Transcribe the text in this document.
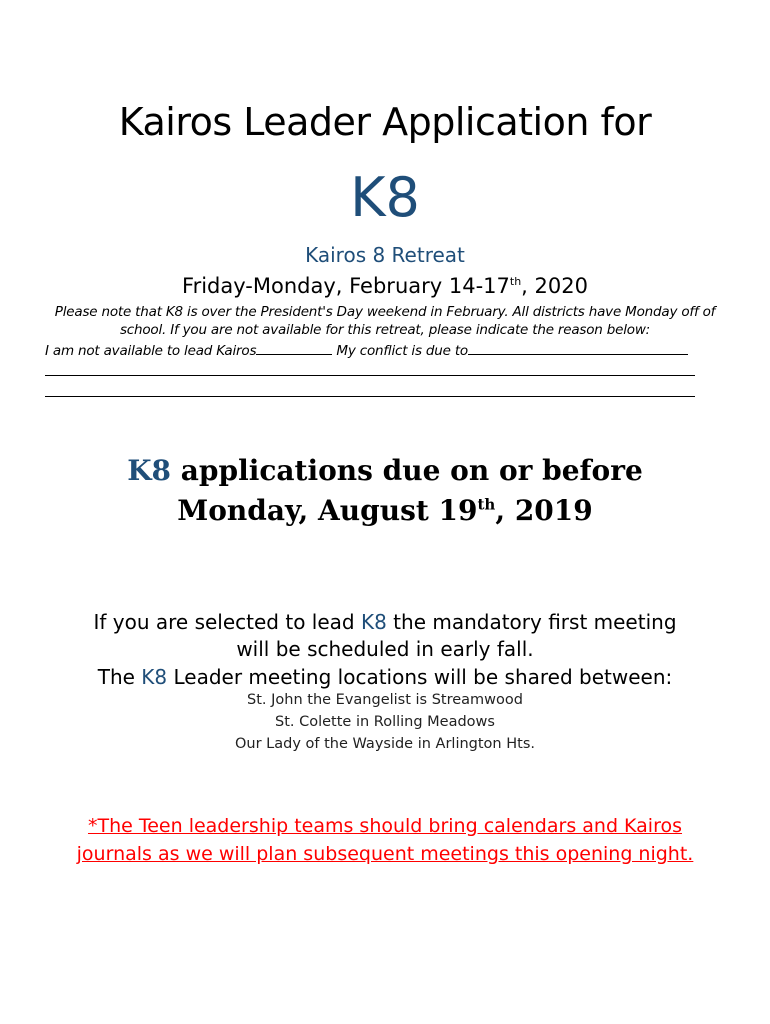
Kairos Leader Application for
K8
Kairos 8 Retreat
Friday-Monday, February 14-17th, 2020
Please note that K8 is over the President's Day weekend in February. All districts have Monday off of
school. If you are not available for this retreat, please indicate the reason below:
I am not available to lead Kairos	My conflict is due to
K8 applications due on or before
Monday, August 19th, 2019
If you are selected to lead K8 the mandatory first meeting
will be scheduled in early fall.
The K8 Leader meeting locations will be shared between:
St. John the Evangelist is Streamwood
St. Colette in Rolling Meadows
Our Lady of the Wayside in Arlington Hts.
*The Teen leadership teams should bring calendars and Kairos
journals as we will plan subsequent meetings this opening night.
